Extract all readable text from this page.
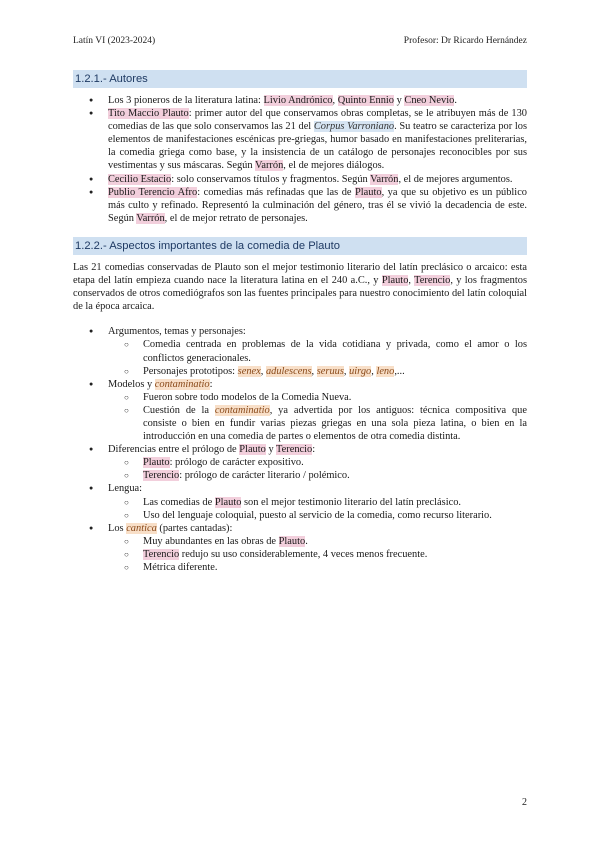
Latín VI (2023-2024)	Profesor: Dr Ricardo Hernández
1.2.1.- Autores
● Los 3 pioneros de la literatura latina: Livio Andrónico, Quinto Ennio y Cneo Nevio.
● Tito Maccio Plauto: primer autor del que conservamos obras completas, se le atribuyen más de 130 comedias de las que solo conservamos las 21 del Corpus Varroniano. Su teatro se caracteriza por los elementos de manifestaciones escénicas pre-griegas, humor basado en manifestaciones preliterarias, la comedia griega como base, y la insistencia de un catálogo de personajes reconocibles por sus vestimentas y sus máscaras. Según Varrón, el de mejores diálogos.
● Cecilio Estacio: solo conservamos títulos y fragmentos. Según Varrón, el de mejores argumentos.
● Publio Terencio Afro: comedias más refinadas que las de Plauto, ya que su objetivo es un público más culto y refinado. Representó la culminación del género, tras él se vivió la decadencia de este. Según Varrón, el de mejor retrato de personajes.
1.2.2.- Aspectos importantes de la comedia de Plauto

Las 21 comedias conservadas de Plauto son el mejor testimonio literario del latín preclásico o arcaico: esta etapa del latín empieza cuando nace la literatura latina en el 240 a.C., y Plauto, Terencio, y los fragmentos conservados de otros comediógrafos son las fuentes principales para nuestro conocimiento del latín coloquial de la época arcaica.

● Argumentos, temas y personajes:
○ Comedia centrada en problemas de la vida cotidiana y privada, como el amor o los conflictos generacionales.
○ Personajes prototipos: senex, adulescens, seruus, uirgo, leno,...
● Modelos y contaminatio:
○ Fueron sobre todo modelos de la Comedia Nueva.
○ Cuestión de la contaminatio, ya advertida por los antiguos: técnica compositiva que consiste o bien en fundir varias piezas griegas en una sola pieza latina, o bien en la introducción en una comedia de partes o elementos de otra comedia distinta.
● Diferencias entre el prólogo de Plauto y Terencio:
○ Plauto: prólogo de carácter expositivo.
○ Terencio: prólogo de carácter literario / polémico.
● Lengua:
○ Las comedias de Plauto son el mejor testimonio literario del latín preclásico.
○ Uso del lenguaje coloquial, puesto al servicio de la comedia, como recurso literario.
● Los cantica (partes cantadas):
○ Muy abundantes en las obras de Plauto.
○ Terencio redujo su uso considerablemente, 4 veces menos frecuente.
○ Métrica diferente.
2
